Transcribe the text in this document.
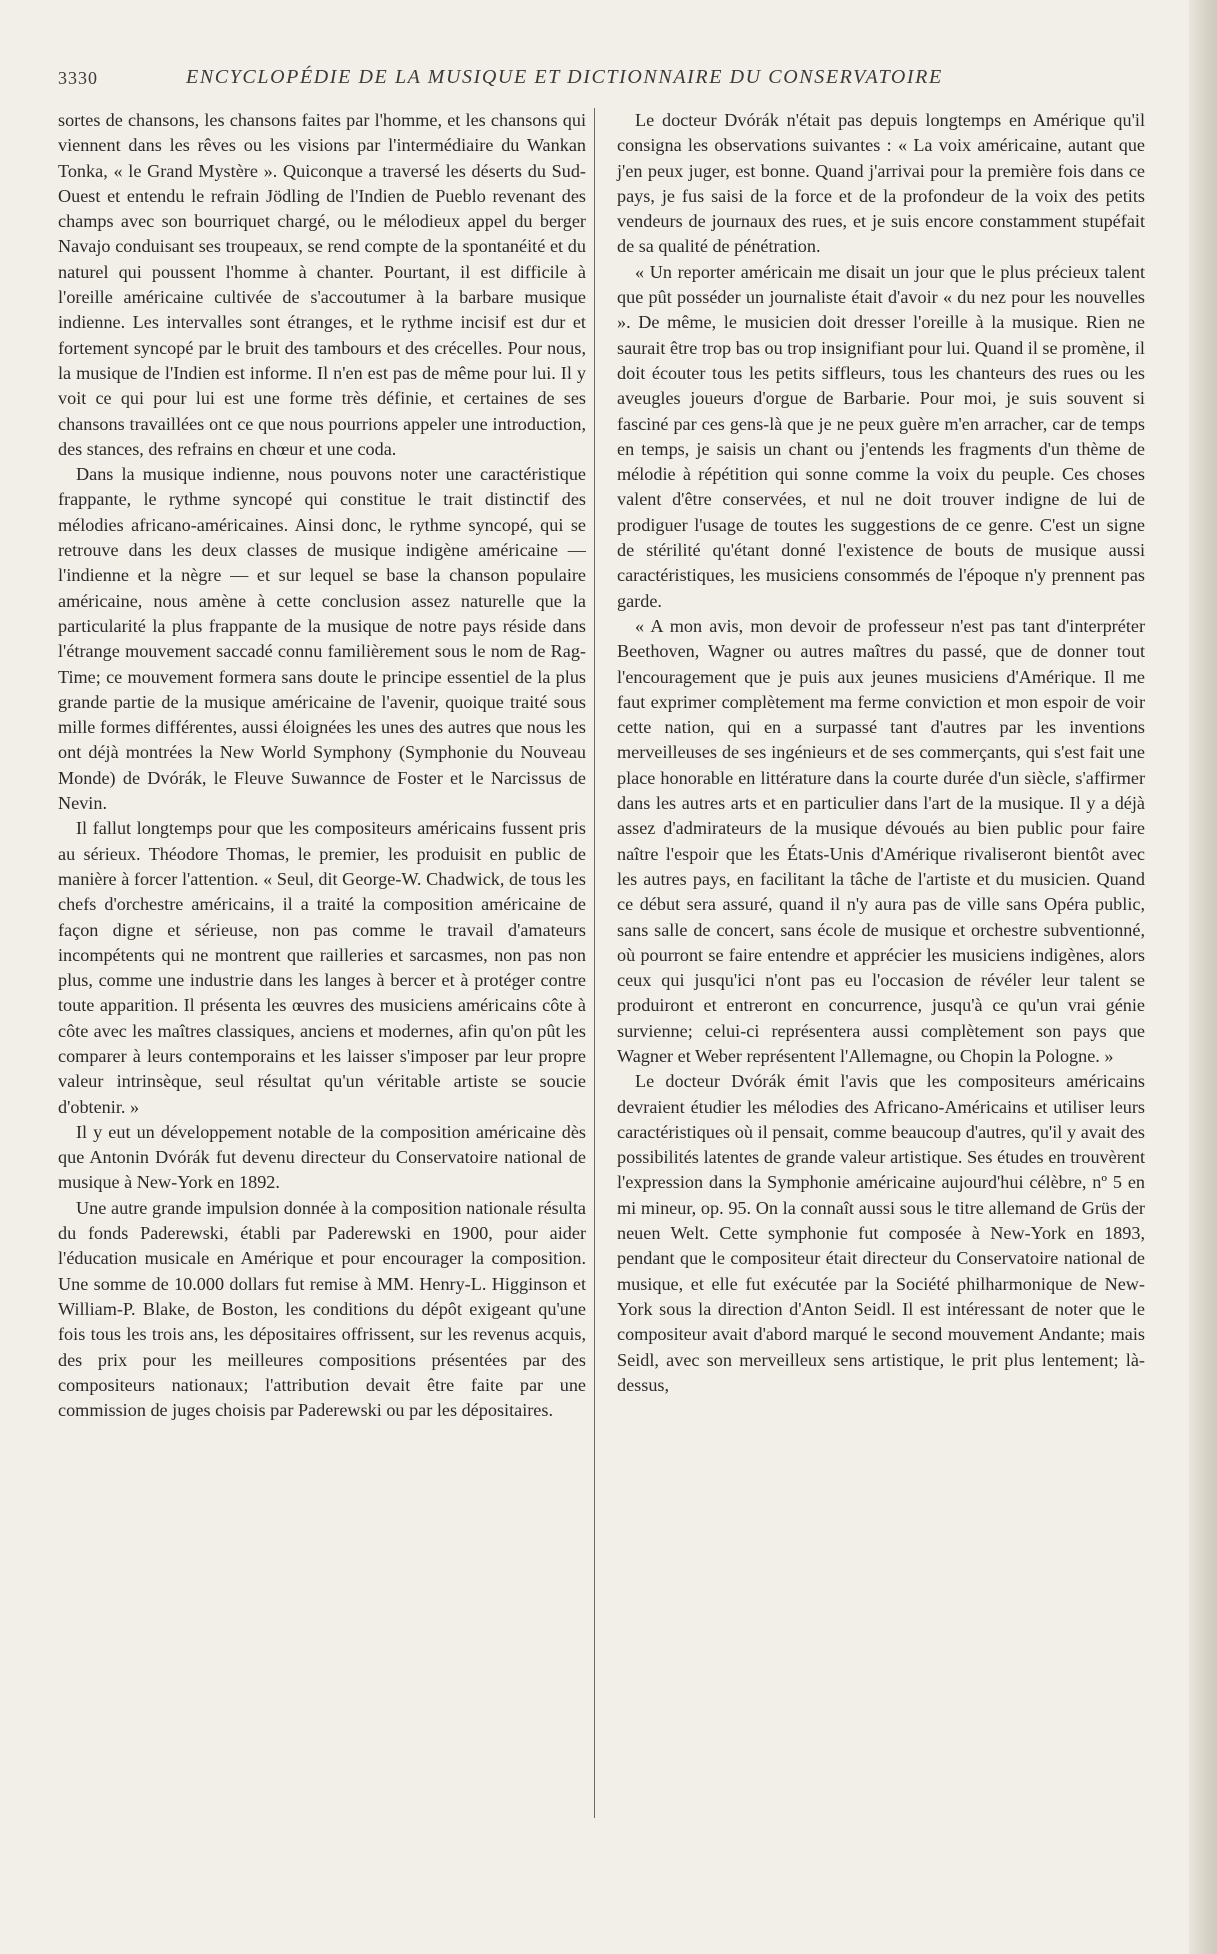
3330	ENCYCLOPÉDIE DE LA MUSIQUE ET DICTIONNAIRE DU CONSERVATOIRE

sortes de chansons, les chansons faites par l'homme, et les chansons qui viennent dans les rêves ou les visions par l'intermédiaire du Wankan Tonka, « le Grand Mystère ». Quiconque a traversé les déserts du Sud-Ouest et entendu le refrain Jödling de l'Indien de Pueblo revenant des champs avec son bourriquet chargé, ou le mélodieux appel du berger Navajo conduisant ses troupeaux, se rend compte de la spontanéité et du naturel qui poussent l'homme à chanter. Pourtant, il est difficile à l'oreille américaine cultivée de s'accoutumer à la barbare musique indienne. Les intervalles sont étranges, et le rythme incisif est dur et fortement syncopé par le bruit des tambours et des crécelles. Pour nous, la musique de l'Indien est informe. Il n'en est pas de même pour lui. Il y voit ce qui pour lui est une forme très définie, et certaines de ses chansons travaillées ont ce que nous pourrions appeler une introduction, des stances, des refrains en chœur et une coda.

Dans la musique indienne, nous pouvons noter une caractéristique frappante, le rythme syncopé qui constitue le trait distinctif des mélodies africano-américaines. Ainsi donc, le rythme syncopé, qui se retrouve dans les deux classes de musique indigène américaine — l'indienne et la nègre — et sur lequel se base la chanson populaire américaine, nous amène à cette conclusion assez naturelle que la particularité la plus frappante de la musique de notre pays réside dans l'étrange mouvement saccadé connu familièrement sous le nom de Rag-Time; ce mouvement formera sans doute le principe essentiel de la plus grande partie de la musique américaine de l'avenir, quoique traité sous mille formes différentes, aussi éloignées les unes des autres que nous les ont déjà montrées la New World Symphony (Symphonie du Nouveau Monde) de Dvórák, le Fleuve Suwannce de Foster et le Narcissus de Nevin.

Il fallut longtemps pour que les compositeurs américains fussent pris au sérieux. Théodore Thomas, le premier, les produisit en public de manière à forcer l'attention. « Seul, dit George-W. Chadwick, de tous les chefs d'orchestre américains, il a traité la composition américaine de façon digne et sérieuse, non pas comme le travail d'amateurs incompétents qui ne montrent que railleries et sarcasmes, non pas non plus, comme une industrie dans les langes à bercer et à protéger contre toute apparition. Il présenta les œuvres des musiciens américains côte à côte avec les maîtres classiques, anciens et modernes, afin qu'on pût les comparer à leurs contemporains et les laisser s'imposer par leur propre valeur intrinsèque, seul résultat qu'un véritable artiste se soucie d'obtenir. »

Il y eut un développement notable de la composition américaine dès que Antonin Dvórák fut devenu directeur du Conservatoire national de musique à New-York en 1892.

Une autre grande impulsion donnée à la composition nationale résulta du fonds Paderewski, établi par Paderewski en 1900, pour aider l'éducation musicale en Amérique et pour encourager la composition. Une somme de 10.000 dollars fut remise à MM. Henry-L. Higginson et William-P. Blake, de Boston, les conditions du dépôt exigeant qu'une fois tous les trois ans, les dépositaires offrissent, sur les revenus acquis, des prix pour les meilleures compositions présentées par des compositeurs nationaux; l'attribution devait être faite par une commission de juges choisis par Paderewski ou par les dépositaires.

Le docteur Dvórák n'était pas depuis longtemps en Amérique qu'il consigna les observations suivantes : « La voix américaine, autant que j'en peux juger, est bonne. Quand j'arrivai pour la première fois dans ce pays, je fus saisi de la force et de la profondeur de la voix des petits vendeurs de journaux des rues, et je suis encore constamment stupéfait de sa qualité de pénétration.

« Un reporter américain me disait un jour que le plus précieux talent que pût posséder un journaliste était d'avoir « du nez pour les nouvelles ». De même, le musicien doit dresser l'oreille à la musique. Rien ne saurait être trop bas ou trop insignifiant pour lui. Quand il se promène, il doit écouter tous les petits siffleurs, tous les chanteurs des rues ou les aveugles joueurs d'orgue de Barbarie. Pour moi, je suis souvent si fasciné par ces gens-là que je ne peux guère m'en arracher, car de temps en temps, je saisis un chant ou j'entends les fragments d'un thème de mélodie à répétition qui sonne comme la voix du peuple. Ces choses valent d'être conservées, et nul ne doit trouver indigne de lui de prodiguer l'usage de toutes les suggestions de ce genre. C'est un signe de stérilité qu'étant donné l'existence de bouts de musique aussi caractéristiques, les musiciens consommés de l'époque n'y prennent pas garde.

« A mon avis, mon devoir de professeur n'est pas tant d'interpréter Beethoven, Wagner ou autres maîtres du passé, que de donner tout l'encouragement que je puis aux jeunes musiciens d'Amérique. Il me faut exprimer complètement ma ferme conviction et mon espoir de voir cette nation, qui en a surpassé tant d'autres par les inventions merveilleuses de ses ingénieurs et de ses commerçants, qui s'est fait une place honorable en littérature dans la courte durée d'un siècle, s'affirmer dans les autres arts et en particulier dans l'art de la musique. Il y a déjà assez d'admirateurs de la musique dévoués au bien public pour faire naître l'espoir que les États-Unis d'Amérique rivaliseront bientôt avec les autres pays, en facilitant la tâche de l'artiste et du musicien. Quand ce début sera assuré, quand il n'y aura pas de ville sans Opéra public, sans salle de concert, sans école de musique et orchestre subventionné, où pourront se faire entendre et apprécier les musiciens indigènes, alors ceux qui jusqu'ici n'ont pas eu l'occasion de révéler leur talent se produiront et entreront en concurrence, jusqu'à ce qu'un vrai génie survienne; celui-ci représentera aussi complètement son pays que Wagner et Weber représentent l'Allemagne, ou Chopin la Pologne. »

Le docteur Dvórák émit l'avis que les compositeurs américains devraient étudier les mélodies des Africano-Américains et utiliser leurs caractéristiques où il pensait, comme beaucoup d'autres, qu'il y avait des possibilités latentes de grande valeur artistique. Ses études en trouvèrent l'expression dans la Symphonie américaine aujourd'hui célèbre, nº 5 en mi mineur, op. 95. On la connaît aussi sous le titre allemand de Grüs der neuen Welt. Cette symphonie fut composée à New-York en 1893, pendant que le compositeur était directeur du Conservatoire national de musique, et elle fut exécutée par la Société philharmonique de New-York sous la direction d'Anton Seidl. Il est intéressant de noter que le compositeur avait d'abord marqué le second mouvement Andante; mais Seidl, avec son merveilleux sens artistique, le prit plus lentement; là-dessus,
